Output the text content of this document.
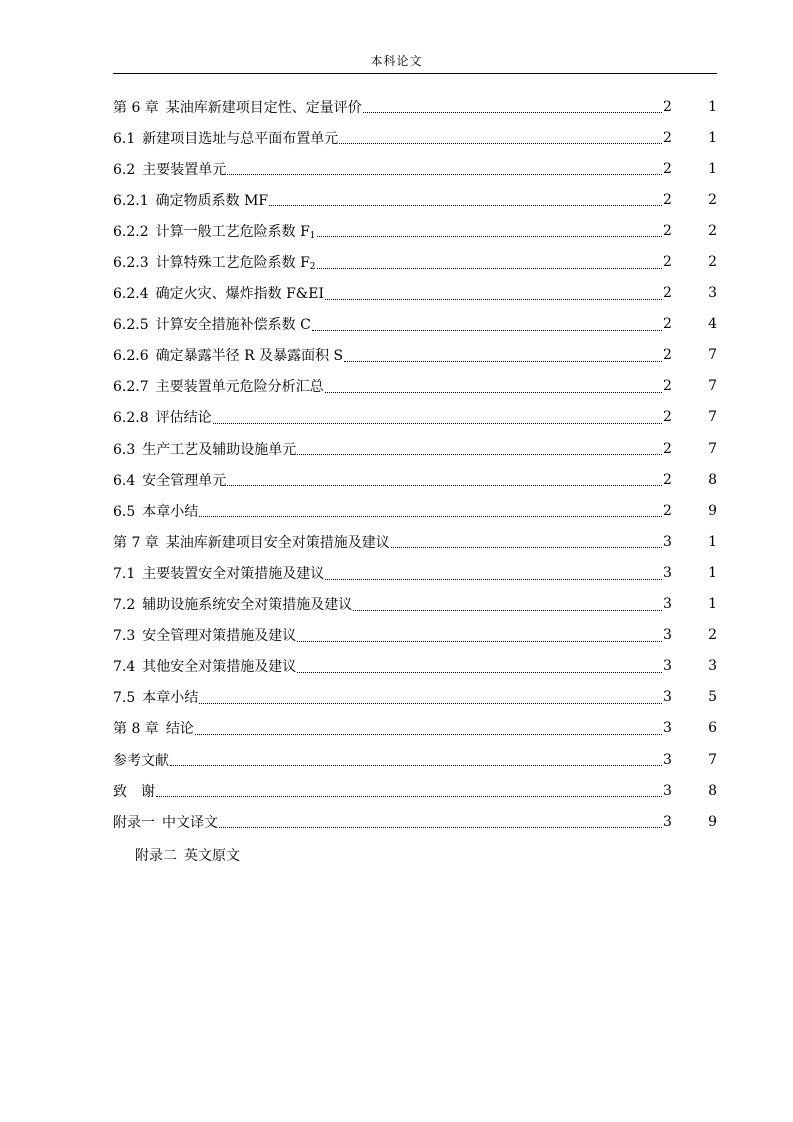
本科论文
第 6 章 某油库新建项目定性、定量评价	2	1
6.1 新建项目选址与总平面布置单元	2	1
6.2 主要装置单元	2	1
6.2.1 确定物质系数 MF	2	2
6.2.2 计算一般工艺危险系数 $F_1$	2	2
6.2.3 计算特殊工艺危险系数 $F_2$	2	2
6.2.4 确定火灾、爆炸指数 F&EI	2	3
6.2.5 计算安全措施补偿系数 C	2	4
6.2.6 确定暴露半径 R 及暴露面积 S	2	7
6.2.7 主要装置单元危险分析汇总	2	7
6.2.8 评估结论	2	7
6.3 生产工艺及辅助设施单元	2	7
6.4 安全管理单元	2	8
6.5 本章小结	2	9
第 7 章 某油库新建项目安全对策措施及建议	3	1
7.1 主要装置安全对策措施及建议	3	1
7.2 辅助设施系统安全对策措施及建议	3	1
7.3 安全管理对策措施及建议	3	2
7.4 其他安全对策措施及建议	3	3
7.5 本章小结	3	5
第 8 章 结论	3	6
参考文献	3	7
致　谢	3	8
附录一 中文译文	3	9
附录二 英文原文
